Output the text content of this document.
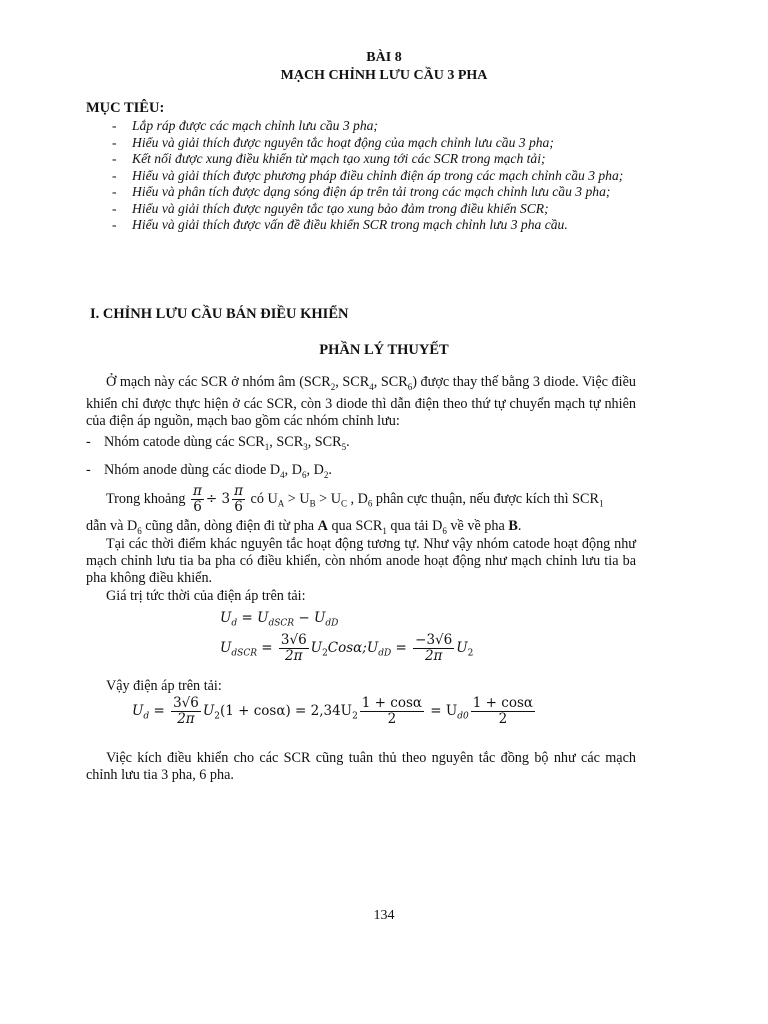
BÀI 8
MẠCH CHỈNH LƯU CẦU 3 PHA
MỤC TIÊU:
- Lắp ráp được các mạch chỉnh lưu cầu 3 pha;
- Hiểu và giải thích được nguyên tắc hoạt động của mạch chỉnh lưu cầu 3 pha;
- Kết nối được xung điều khiển từ mạch tạo xung tới các SCR trong mạch tải;
- Hiểu và giải thích được phương pháp điều chỉnh điện áp trong các mạch chỉnh cầu 3 pha;
- Hiểu và phân tích được dạng sóng điện áp trên tải trong các mạch chỉnh lưu cầu 3 pha;
- Hiểu và giải thích được nguyên tắc tạo xung bảo đảm trong điều khiển SCR;
- Hiểu và giải thích được vấn đề điều khiển SCR trong mạch chỉnh lưu 3 pha cầu.
I. CHỈNH LƯU CẦU BÁN ĐIỀU KHIỂN
PHẦN LÝ THUYẾT
Ở mạch này các SCR ở nhóm âm ($SCR_2$, $SCR_4$, $SCR_6$) được thay thế bằng 3 diode. Việc điều khiển chỉ được thực hiện ở các SCR, còn 3 diode thì dẫn điện theo thứ tự chuyển mạch tự nhiên của điện áp nguồn, mạch bao gồm các nhóm chỉnh lưu:
- Nhóm catode dùng các $SCR_1$, $SCR_3$, $SCR_5$.
- Nhóm anode dùng các diode $D_4$, $D_6$, $D_2$.
Trong khoảng $\frac{\pi}{6} \div 3 \frac{\pi}{6}$ có $U_A > U_B > U_C$ , $D_6$ phân cực thuận, nếu được kích thì $SCR_1$
dẫn và $D_6$ cũng dẫn, dòng điện đi từ pha A qua $SCR_1$ qua tải $D_6$ về về pha B.
Tại các thời điểm khác nguyên tắc hoạt động tương tự. Như vậy nhóm catode hoạt động như mạch chỉnh lưu tia ba pha có điều khiển, còn nhóm anode hoạt động như mạch chỉnh lưu tia ba pha không điều khiển.
Giá trị tức thời của điện áp trên tải:
$U_d = U_{dSCR} - U_{dD}$
$U_{dSCR} = \frac{3√6}{2\pi}$ $U_2Cos\alpha;U_{dD} = \frac{-3√6}{2\pi} U_2$
Vậy điện áp trên tải:
$U_d = \frac{3√6}{2\pi} U_2(1 + \cos\alpha) = 2,34U_2 \frac{1 + \cos\alpha}{2} = U_{d0} \frac{1 + \cos\alpha}{2}$
Việc kích điều khiển cho các SCR cũng tuân thủ theo nguyên tắc đồng bộ như các mạch chỉnh lưu tia 3 pha, 6 pha.
134
